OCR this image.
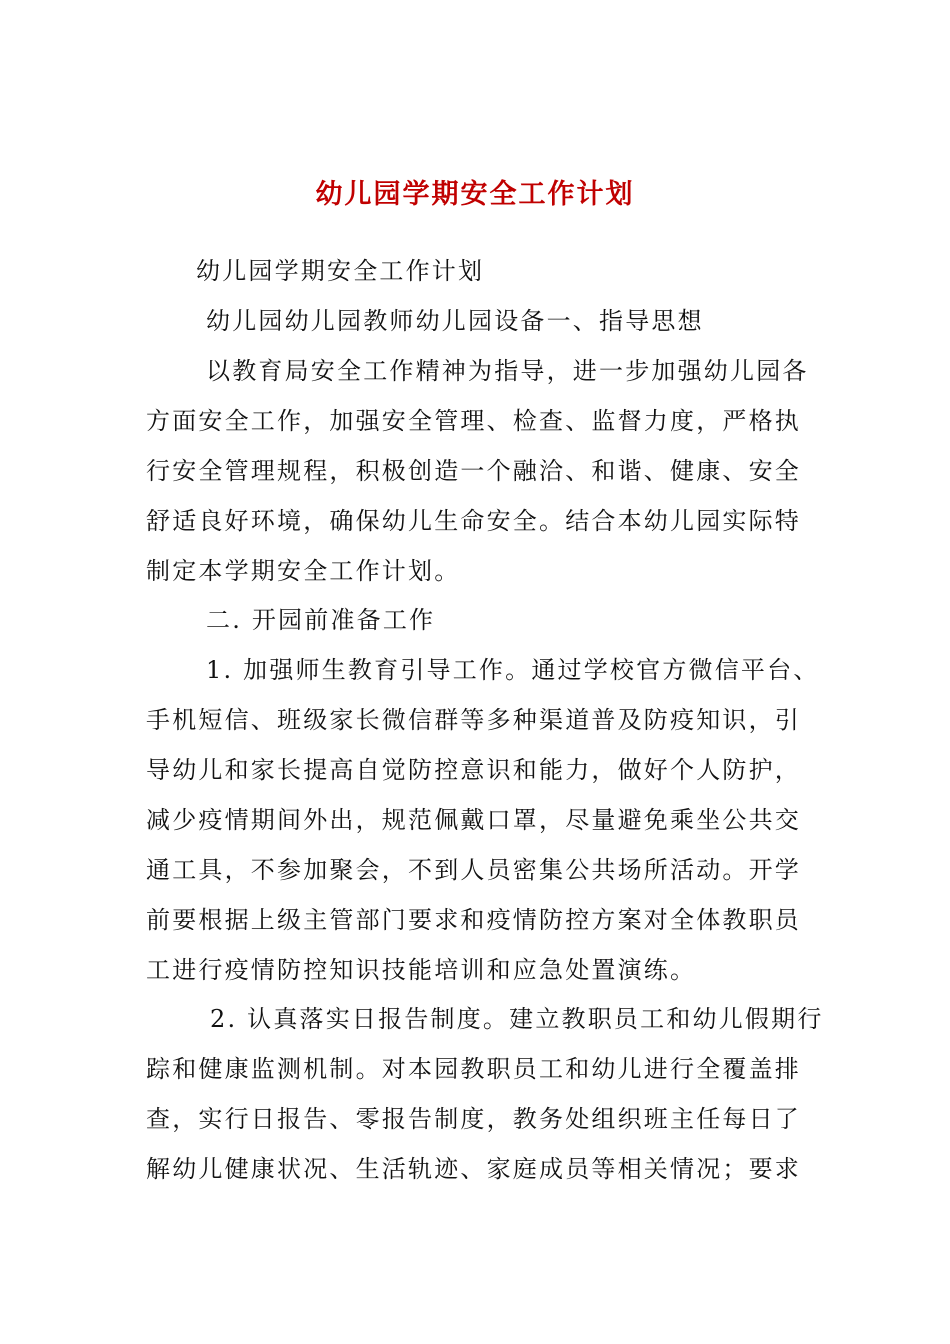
幼儿园学期安全工作计划

幼儿园学期安全工作计划

幼儿园幼儿园教师幼儿园设备一、指导思想

以教育局安全工作精神为指导，进一步加强幼儿园各

方面安全工作，加强安全管理、检查、监督力度，严格执

行安全管理规程，积极创造一个融洽、和谐、健康、安全

舒适良好环境，确保幼儿生命安全。结合本幼儿园实际特

制定本学期安全工作计划。

二. 开园前准备工作

1. 加强师生教育引导工作。通过学校官方微信平台、

手机短信、班级家长微信群等多种渠道普及防疫知识，引

导幼儿和家长提高自觉防控意识和能力，做好个人防护，

减少疫情期间外出，规范佩戴口罩，尽量避免乘坐公共交

通工具，不参加聚会，不到人员密集公共场所活动。开学

前要根据上级主管部门要求和疫情防控方案对全体教职员

工进行疫情防控知识技能培训和应急处置演练。

2. 认真落实日报告制度。建立教职员工和幼儿假期行

踪和健康监测机制。对本园教职员工和幼儿进行全覆盖排

查，实行日报告、零报告制度，教务处组织班主任每日了

解幼儿健康状况、生活轨迹、家庭成员等相关情况；要求
